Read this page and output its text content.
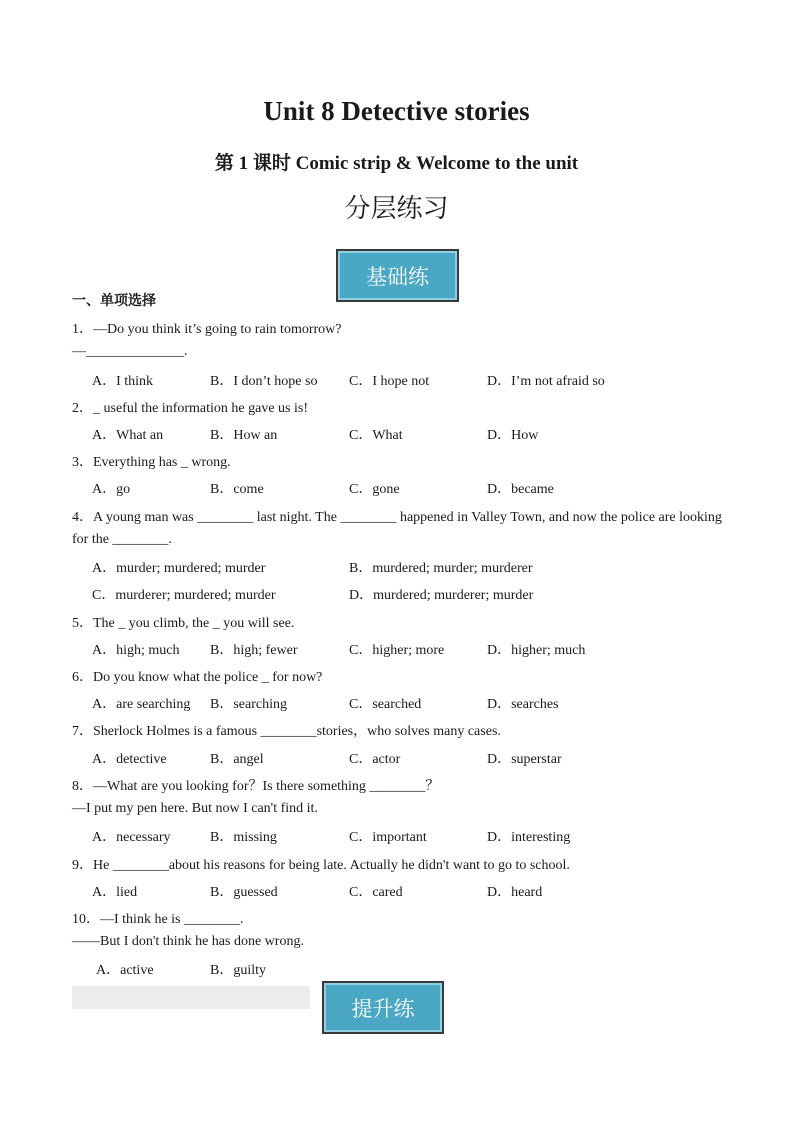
Unit 8 Detective stories
第 1 课时 Comic strip & Welcome to the unit
分层练习
基础练
一、单项选择
1．—Do you think it’s going to rain tomorrow?
—______________.
A．I think	B．I don’t hope so C．I hope not	D．I’m not afraid so
2．_ useful the information he gave us is!
A．What an	B．How an	C．What	D．How
3．Everything has _ wrong.
A．go	B．come	C．gone	D．became
4．A young man was ________ last night. The ________ happened in Valley Town, and now the police are looking
for the ________.
A．murder; murdered; murder	B．murdered; murder; murderer
C．murderer; murdered; murder	D．murdered; murderer; murder
5．The _ you climb, the _ you will see.
A．high; much B．high; fewer	C．higher; more	D．higher; much
6．Do you know what the police _ for now?
A．are searching B．searching	C．searched	D．searches
7．Sherlock Holmes is a famous ________stories，who solves many cases.
A．detective	B．angel	C．actor	D．superstar
8．—What are you looking for？Is there something ________？
—I put my pen here. But now I can't find it.
A．necessary	B．missing	C．important	D．interesting
9．He ________about his reasons for being late. Actually he didn't want to go to school.
A．lied	B．guessed	C．cared	D．heard
10．—I think he is ________.
——But I don't think he has done wrong.
A．active	B．guilty
提升练
